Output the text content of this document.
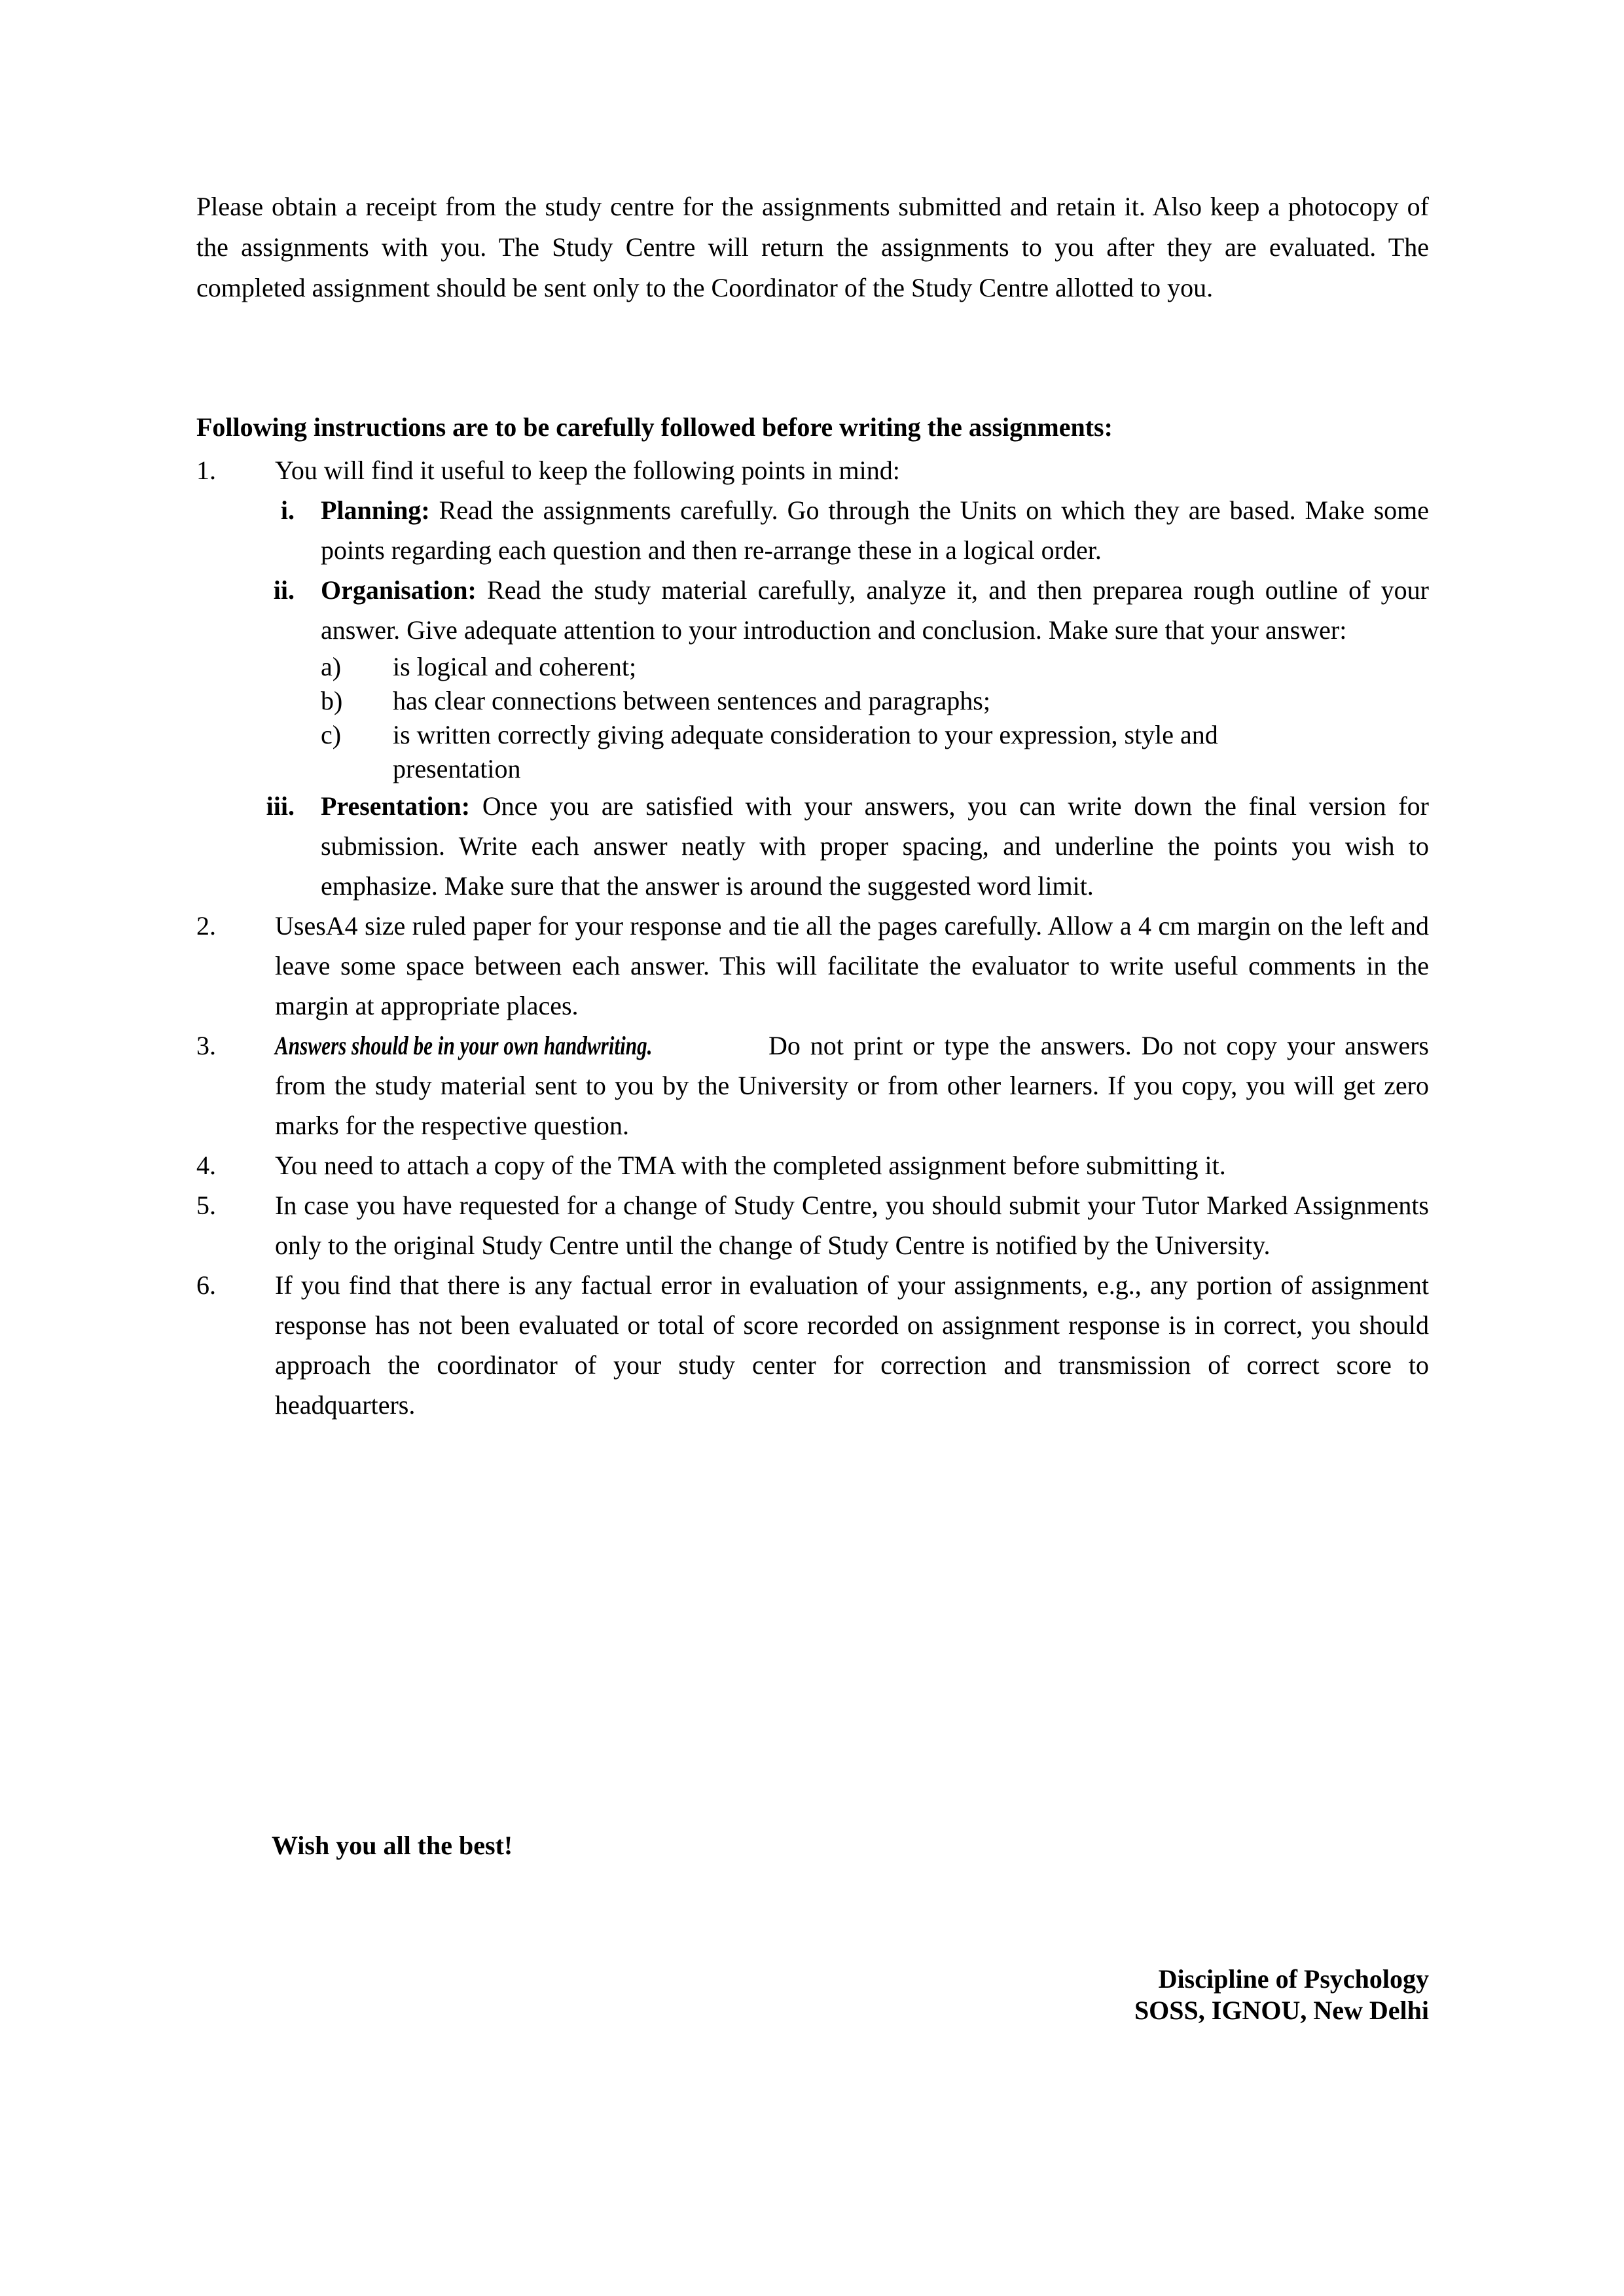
Please obtain a receipt from the study centre for the assignments submitted and retain it. Also keep a photocopy of the assignments with you. The Study Centre will return the assignments to you after they are evaluated. The completed assignment should be sent only to the Coordinator of the Study Centre allotted to you.

Following instructions are to be carefully followed before writing the assignments:
1.	You will find it useful to keep the following points in mind:
i. Planning: Read the assignments carefully. Go through the Units on which they are based. Make some points regarding each question and then re-arrange these in a logical order.
ii. Organisation: Read the study material carefully, analyze it, and then preparea rough outline of your answer. Give adequate attention to your introduction and conclusion. Make sure that your answer:
a)	is logical and coherent;
b)	has clear connections between sentences and paragraphs;
c)	is written correctly giving adequate consideration to your expression, style and
presentation
iii. Presentation: Once you are satisfied with your answers, you can write down the final version for submission. Write each answer neatly with proper spacing, and underline the points you wish to emphasize. Make sure that the answer is around the suggested word limit.
2.	UsesA4 size ruled paper for your response and tie all the pages carefully. Allow a 4 cm margin on the left and leave some space between each answer. This will facilitate the evaluator to write useful comments in the margin at appropriate places.
3.	Answers should be in your own handwriting.	Do not print or type the answers. Do not copy your answers from the study material sent to you by the University or from other learners. If you copy, you will get zero marks for the respective question.
4.	You need to attach a copy of the TMA with the completed assignment before submitting it.
5.	In case you have requested for a change of Study Centre, you should submit your Tutor Marked Assignments only to the original Study Centre until the change of Study Centre is notified by the University.
6.	If you find that there is any factual error in evaluation of your assignments, e.g., any portion of assignment response has not been evaluated or total of score recorded on assignment response is in correct, you should approach the coordinator of your study center for correction and transmission of correct score to headquarters.
Wish you all the best!
Discipline of Psychology
SOSS, IGNOU, New Delhi
